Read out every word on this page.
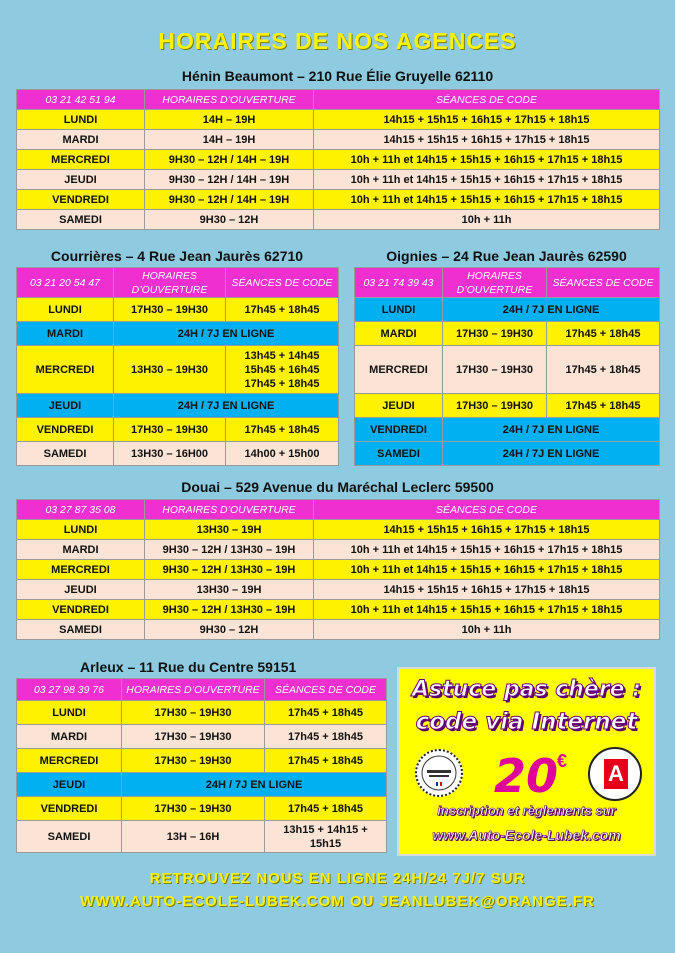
HORAIRES DE NOS AGENCES
Hénin Beaumont – 210 Rue Élie Gruyelle 62110
03 21 42 51 94	HORAIRES D’OUVERTURE	SÉANCES DE CODE
LUNDI	14H – 19H	14h15 + 15h15 + 16h15 + 17h15 + 18h15
MARDI	14H – 19H	14h15 + 15h15 + 16h15 + 17h15 + 18h15
MERCREDI	9H30 – 12H / 14H – 19H	10h + 11h et 14h15 + 15h15 + 16h15 + 17h15 + 18h15
JEUDI	9H30 – 12H / 14H – 19H	10h + 11h et 14h15 + 15h15 + 16h15 + 17h15 + 18h15
VENDREDI	9H30 – 12H / 14H – 19H	10h + 11h et 14h15 + 15h15 + 16h15 + 17h15 + 18h15
SAMEDI	9H30 – 12H	10h + 11h
Courrières – 4 Rue Jean Jaurès 62710
03 21 20 54 47	HORAIRES D’OUVERTURE	SÉANCES DE CODE
LUNDI	17H30 – 19H30	17h45 + 18h45
MARDI	24H / 7J EN LIGNE	
MERCREDI	13H30 – 19H30	13h45 + 14h45 15h45 + 16h45 17h45 + 18h45
JEUDI	24H / 7J EN LIGNE	
VENDREDI	17H30 – 19H30	17h45 + 18h45
SAMEDI	13H30 – 16H00	14h00 + 15h00
Oignies – 24 Rue Jean Jaurès 62590
03 21 74 39 43	HORAIRES D’OUVERTURE	SÉANCES DE CODE
LUNDI	24H / 7J EN LIGNE	
MARDI	17H30 – 19H30	17h45 + 18h45
MERCREDI	17H30 – 19H30	17h45 + 18h45
JEUDI	17H30 – 19H30	17h45 + 18h45
VENDREDI	24H / 7J EN LIGNE	
SAMEDI	24H / 7J EN LIGNE	
Douai – 529 Avenue du Maréchal Leclerc 59500
03 27 87 35 08	HORAIRES D’OUVERTURE	SÉANCES DE CODE
LUNDI	13H30 – 19H	14h15 + 15h15 + 16h15 + 17h15 + 18h15
MARDI	9H30 – 12H / 13H30 – 19H	10h + 11h et 14h15 + 15h15 + 16h15 + 17h15 + 18h15
MERCREDI	9H30 – 12H / 13H30 – 19H	10h + 11h et 14h15 + 15h15 + 16h15 + 17h15 + 18h15
JEUDI	13H30 – 19H	14h15 + 15h15 + 16h15 + 17h15 + 18h15
VENDREDI	9H30 – 12H / 13H30 – 19H	10h + 11h et 14h15 + 15h15 + 16h15 + 17h15 + 18h15
SAMEDI	9H30 – 12H	10h + 11h
Arleux – 11 Rue du Centre 59151
03 27 98 39 76	HORAIRES D’OUVERTURE	SÉANCES DE CODE
LUNDI	17H30 – 19H30	17h45 + 18h45
MARDI	17H30 – 19H30	17h45 + 18h45
MERCREDI	17H30 – 19H30	17h45 + 18h45
JEUDI	24H / 7J EN LIGNE	
VENDREDI	17H30 – 19H30	17h45 + 18h45
SAMEDI	13H – 16H	13h15 + 14h15 + 15h15
Astuce pas chère :
code via Internet
20
€ A
inscription et règlements sur
www.Auto-Ecole-Lubek.com
RETROUVEZ NOUS EN LIGNE 24H/24 7J/7 SUR
WWW.AUTO-ECOLE-LUBEK.COM OU JEANLUBEK@ORANGE.FR
